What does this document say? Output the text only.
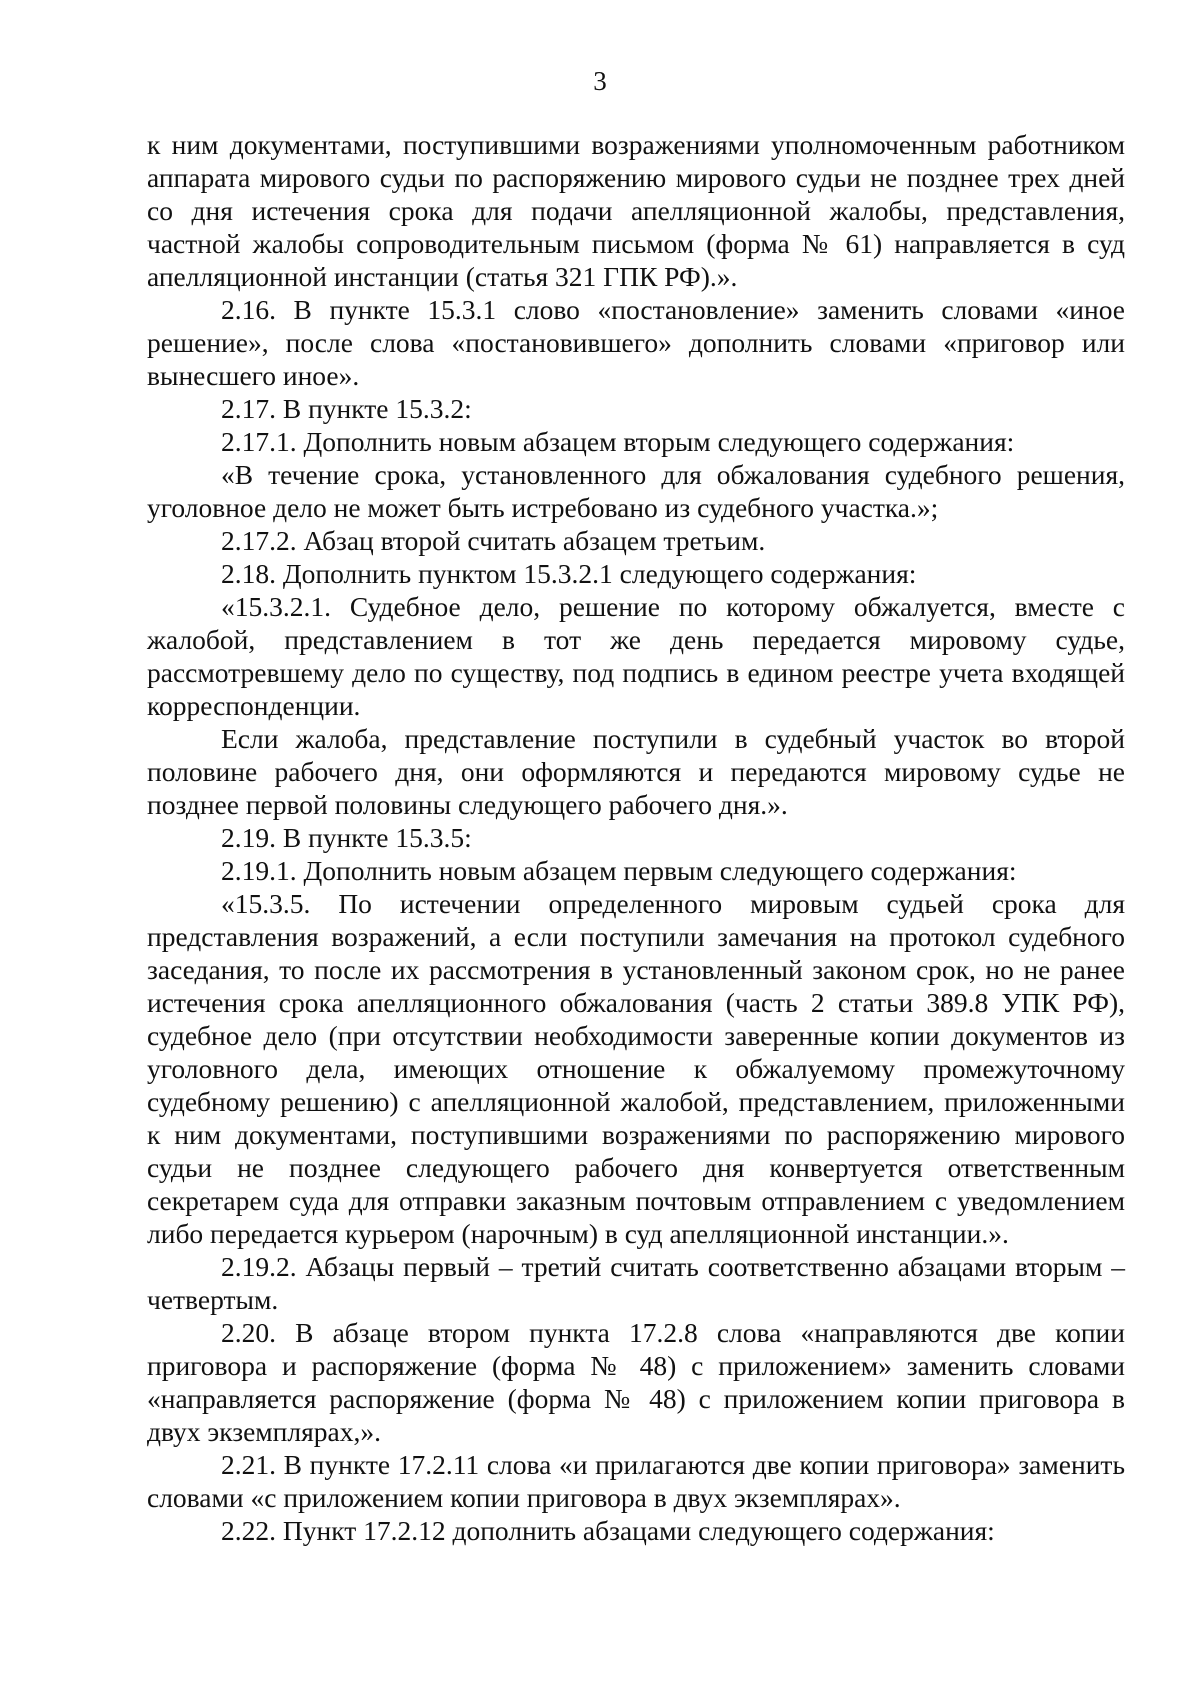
3

к ним документами, поступившими возражениями уполномоченным работником аппарата мирового судьи по распоряжению мирового судьи не позднее трех дней со дня истечения срока для подачи апелляционной жалобы, представления, частной жалобы сопроводительным письмом (форма № 61) направляется в суд апелляционной инстанции (статья 321 ГПК РФ).».

2.16. В пункте 15.3.1 слово «постановление» заменить словами «иное решение», после слова «постановившего» дополнить словами «приговор или вынесшего иное».

2.17. В пункте 15.3.2:

2.17.1. Дополнить новым абзацем вторым следующего содержания:

«В течение срока, установленного для обжалования судебного решения, уголовное дело не может быть истребовано из судебного участка.»;

2.17.2. Абзац второй считать абзацем третьим.

2.18. Дополнить пунктом 15.3.2.1 следующего содержания:

«15.3.2.1. Судебное дело, решение по которому обжалуется, вместе с жалобой, представлением в тот же день передается мировому судье, рассмотревшему дело по существу, под подпись в едином реестре учета входящей корреспонденции.

Если жалоба, представление поступили в судебный участок во второй половине рабочего дня, они оформляются и передаются мировому судье не позднее первой половины следующего рабочего дня.».

2.19. В пункте 15.3.5:

2.19.1. Дополнить новым абзацем первым следующего содержания:

«15.3.5. По истечении определенного мировым судьей срока для представления возражений, а если поступили замечания на протокол судебного заседания, то после их рассмотрения в установленный законом срок, но не ранее истечения срока апелляционного обжалования (часть 2 статьи 389.8 УПК РФ), судебное дело (при отсутствии необходимости заверенные копии документов из уголовного дела, имеющих отношение к обжалуемому промежуточному судебному решению) с апелляционной жалобой, представлением, приложенными к ним документами, поступившими возражениями по распоряжению мирового судьи не позднее следующего рабочего дня конвертуется ответственным секретарем суда для отправки заказным почтовым отправлением с уведомлением либо передается курьером (нарочным) в суд апелляционной инстанции.».

2.19.2. Абзацы первый – третий считать соответственно абзацами вторым – четвертым.

2.20. В абзаце втором пункта 17.2.8 слова «направляются две копии приговора и распоряжение (форма № 48) с приложением» заменить словами «направляется распоряжение (форма № 48) с приложением копии приговора в двух экземплярах,».

2.21. В пункте 17.2.11 слова «и прилагаются две копии приговора» заменить словами «с приложением копии приговора в двух экземплярах».

2.22. Пункт 17.2.12 дополнить абзацами следующего содержания:
